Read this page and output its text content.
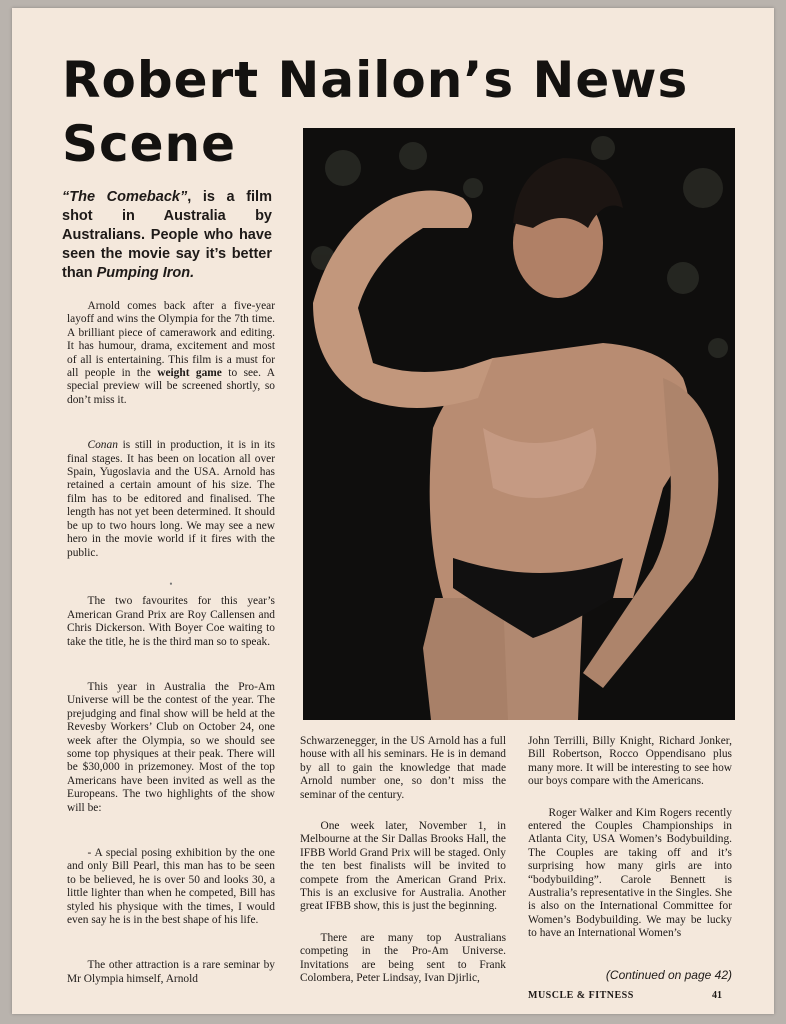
Robert Nailon’s News Scene
“The Comeback”, is a film shot in Australia by Australians. People who have seen the movie say it’s better than Pumping Iron.

Arnold comes back after a five-year layoff and wins the Olympia for the 7th time. A brilliant piece of camerawork and editing. It has humour, drama, excitement and most of all is entertaining. This film is a must for all people in the weight game to see. A special preview will be screened shortly, so don’t miss it.

Conan is still in production, it is in its final stages. It has been on location all over Spain, Yugoslavia and the USA. Arnold has retained a certain amount of his size. The film has to be editored and finalised. The length has not yet been determined. It should be up to two hours long. We may see a new hero in the movie world if it fires with the public.

•

The two favourites for this year’s American Grand Prix are Roy Callensen and Chris Dickerson. With Boyer Coe waiting to take the title, he is the third man so to speak.

This year in Australia the Pro-Am Universe will be the contest of the year. The prejudging and final show will be held at the Revesby Workers’ Club on October 24, one week after the Olympia, so we should see some top physiques at their peak. There will be $30,000 in prizemoney. Most of the top Americans have been invited as well as the Europeans. The two highlights of the show will be:

- A special posing exhibition by the one and only Bill Pearl, this man has to be seen to be believed, he is over 50 and looks 30, a little lighter than when he competed, Bill has styled his physique with the times, I would even say he is in the best shape of his life.

The other attraction is a rare seminar by Mr Olympia himself, Arnold

Schwarzenegger, in the US Arnold has a full house with all his seminars. He is in demand by all to gain the knowledge that made Arnold number one, so don’t miss the seminar of the century.

One week later, November 1, in Melbourne at the Sir Dallas Brooks Hall, the IFBB World Grand Prix will be staged. Only the ten best finalists will be invited to compete from the American Grand Prix. This is an exclusive for Australia. Another great IFBB show, this is just the beginning.

There are many top Australians competing in the Pro-Am Universe. Invitations are being sent to Frank Colombera, Peter Lindsay, Ivan Djirlic,

John Terrilli, Billy Knight, Richard Jonker, Bill Robertson, Rocco Oppendisano plus many more. It will be interesting to see how our boys compare with the Americans.

Roger Walker and Kim Rogers recently entered the Couples Championships in Atlanta City, USA Women’s Bodybuilding. The Couples are taking off and it’s surprising how many girls are into “bodybuilding”. Carole Bennett is Australia’s representative in the Singles. She is also on the International Committee for Women’s Bodybuilding. We may be lucky to have an International Women’s

(Continued on page 42)
MUSCLE & FITNESS	41
